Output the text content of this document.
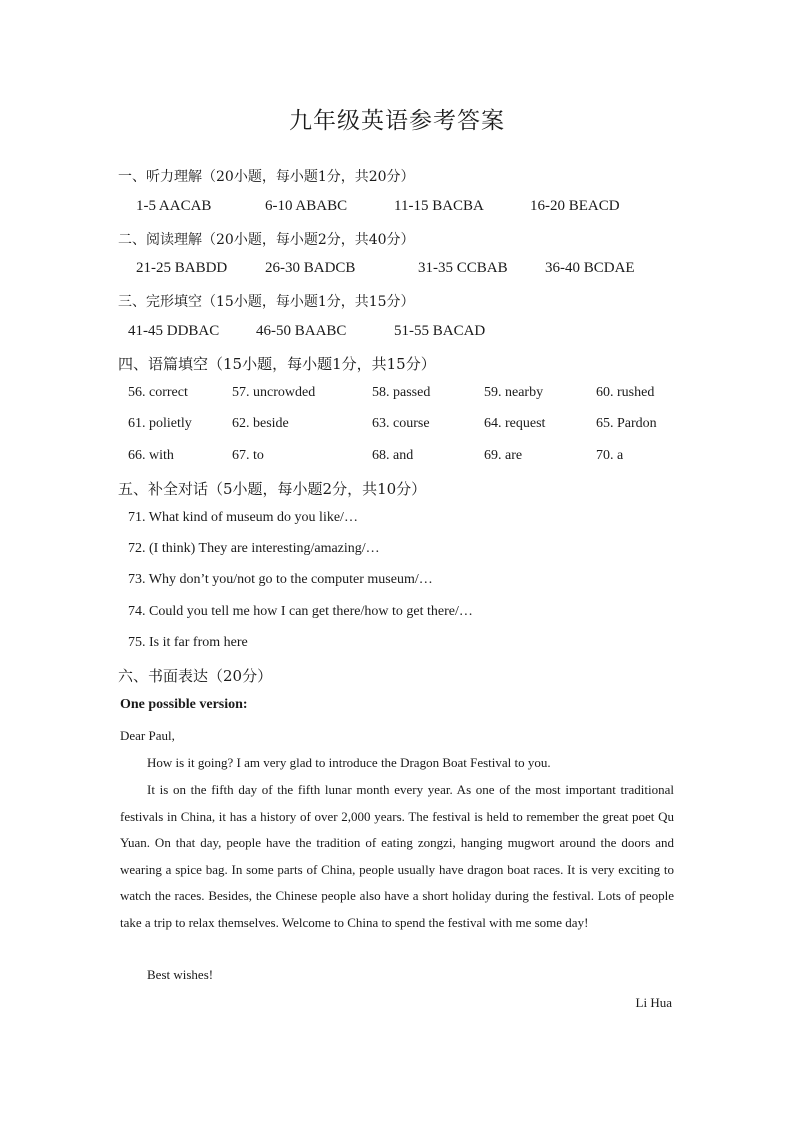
九年级英语参考答案
一、听力理解（20小题，每小题1分，共20分）
1-5 AACAB	6-10 ABABC	11-15 BACBA	16-20 BEACD
二、阅读理解（20小题，每小题2分，共40分）
21-25 BABDD	26-30 BADCB	31-35 CCBAB 36-40 BCDAE
三、完形填空（15小题，每小题1分，共15分）
41-45 DDBAC 46-50 BAABC	51-55 BACAD
四、语篇填空（15小题，每小题1分，共15分）
56. correct	57. uncrowded	58. passed	59. nearby	60. rushed
61. polietly	62. beside	63. course	64. request	65. Pardon
66. with	67. to	68. and	69. are	70. a
五、补全对话（5小题，每小题2分，共10分）
71. What kind of museum do you like/…
72. (I think) They are interesting/amazing/…
73. Why don’t you/not go to the computer museum/…
74. Could you tell me how I can get there/how to get there/…
75. Is it far from here
六、书面表达（20分）
One possible version:
Dear Paul,

How is it going? I am very glad to introduce the Dragon Boat Festival to you.

It is on the fifth day of the fifth lunar month every year. As one of the most important traditional festivals in China, it has a history of over 2,000 years. The festival is held to remember the great poet Qu Yuan. On that day, people have the tradition of eating zongzi, hanging mugwort around the doors and wearing a spice bag. In some parts of China, people usually have dragon boat races. It is very exciting to watch the races. Besides, the Chinese people also have a short holiday during the festival. Lots of people take a trip to relax themselves. Welcome to China to spend the festival with me some day!

Best wishes!

Li Hua
